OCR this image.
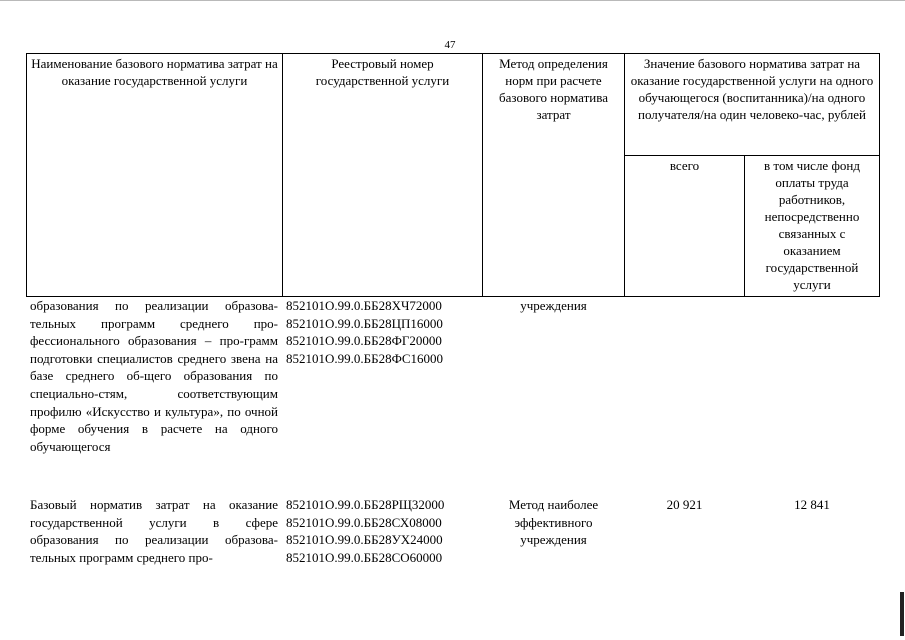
47
Наименование базового норматива затрат на оказание государственной услуги
Реестровый номер государственной услуги
Метод определения норм при расчете базового норматива затрат
Значение базового норматива затрат на оказание государственной услуги на одного обучающегося (воспитанника)/на одного получателя/на один человеко-час, рублей
всего	в том числе фонд оплаты труда работников, непосредственно связанных с оказанием государственной услуги
образования по реализации образова-тельных программ среднего про-фессионального образования – про-грамм подготовки специалистов среднего звена на базе среднего об-щего образования по специально-стям, соответствующим профилю «Искусство и культура», по очной форме обучения в расчете на одного обучающегося
852101О.99.0.ББ28ХЧ72000
852101О.99.0.ББ28ЦП16000
852101О.99.0.ББ28ФГ20000
852101О.99.0.ББ28ФС16000
учреждения
Базовый норматив затрат на оказание государственной услуги в сфере образования по реализации образова-тельных программ среднего про-
852101О.99.0.ББ28РЩ32000
852101О.99.0.ББ28СХ08000
852101О.99.0.ББ28УХ24000
852101О.99.0.ББ28СО60000
Метод наиболее эффективного учреждения
20 921	12 841
